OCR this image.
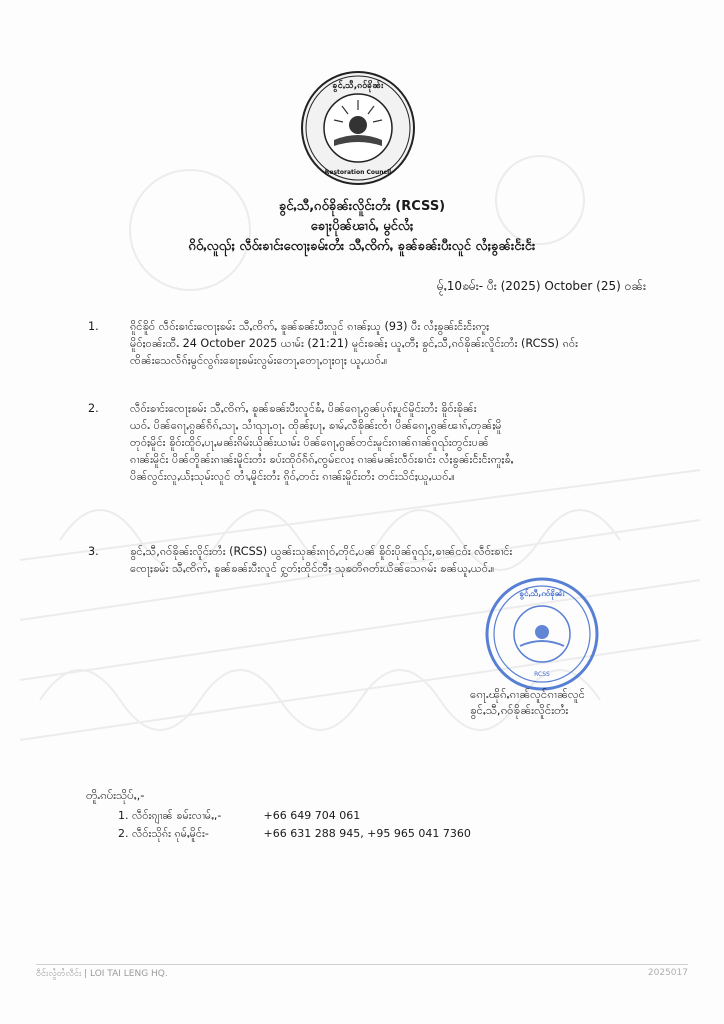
ၶွင်ႇသီ,ၵဝ်ၶိုၼ်း
Restoration Council
ၶွင်ႇသီ,ၵဝ်ၶိုၼ်းလိူင်းတႆး (RCSS)
ၶေႃႈပိုၼ်ၽၢဝ်ႇ မွင်လႆႈ
ၵိဝ်ႇလူၺ်ႈ လဵဝ်းၶၢင်းၸေႃႈၶမ်းတႆး သီႇၸိဢ်ႇ ၶူၼ်ၶၼ်းပီးလူင် လႆႈၶွၼ်းငႅးငႅး
မႂ်ႇ10ၶမ်း- ပီး (2025) October (25) ဝၼ်း
1.	ၵိူင်ၶိူဝ် လဵဝ်းၶၢင်းၸေႃႈၶမ်း သီႇၸိဢ်ႇ ၶူၼ်ၶၼ်းပီးလူင် ၵၢၼ်ႈယူ (93) ပီး လႆႈၶွၼ်းငႅးငႅးဢူႈ
မိူဝ်ႈဝၼ်းထီႉ 24 October 2025 ယၢမ်း (21:21) မူင်းၶၼ်ႈ ယူႇတီႈ ၶွင်ႇသီ,ၵဝ်ၶိုၼ်းလိူင်းတႆး (RCSS) ၵဝ်း
ၸိၼ်းသေလႅၵ်ႈမွင်လွၵ်းၶေႃႈၶမ်းလွမ်းတေႃႇတေႃႇဝႃႈဝႃႈ ယူႇယဝ်ႉ။
2.	လဵဝ်းၶၢင်းၸေႃႈၶမ်း သီႇၸိဢ်ႇ ၶူၼ်ၶၼ်းပီးလူင်ၶႆႇ ပိၼ်ၵေႃႇၵွၼ်ပုၵ်ႈပူင်မိူင်းတႆး ၶိူဝ်းၶိုၼ်း
ယဝ်ႉ ပိၼ်ၵေႃႇၵွၼ်ၵႅၵ်ႇသႃႇ သၢႆၺႃႉဝႃႉ ထိုၼ်ႈပႃႇ ၶၢမ်ႇလီၶိုၼ်းၸၢႆ ပိၼ်ၵေႃႇၵွၼ်ၽၢၵ်ႇတုၼ်ႈမိူ
တုဝ်ႈမိူင်း ၶိူဝ်းထိူဝ်ႇပႃႇမၼ်းၵိမ်းယိုၼ်းယၢမ်း ပိၼ်ၵေႃႇၵွၼ်တင်းမူင်းၵၢၼ်ၵၢၼ်ၵူၺ်းတွင်းပၼ်
ၵၢၼ်းမိူင်း ပိၼ်တိူၼ်းၵၢၼ်းမိူင်းတႆး ၶပ်းထိုဝ်ၵႅၵ်ႇၸွမ်လႄႈ ၵၢၼ်မၼ်းလဵဝ်းၶၢင်း လႆႈၶွၼ်းငႅးငႅးဢူႈၶႆႇ
ပိၼ်လွင်းလူႇယႅႈသုမ်းလူင် တၢႆႇမိူင်းတႆး ၵိူဝ်ႇတင်း ၵၢၼ်းမိူင်းတႆး တင်းသိင်ႈယူႇယဝ်ႉ။
3.	ၶွင်ႇသီ,ၵဝ်ၶိုၼ်းလိူင်းတႆး (RCSS) ယွၼ်းသုၼ်းၵႃဝ်ႇတိုင်ႇပၼ် ၶိူဝ်းပိုၼ်ၵူၺ်း,ၶၢၼ်ငဝ်း လဵဝ်းၶၢင်း
ၸေႃႈၶမ်း သီႇၸိဢ်ႇ ၶူၼ်ၶၼ်းပီးလူင် ႁွတ်ႈထိုင်တီႈ သုၶတိၵတ်းယိၼ်သေၵမ်း ၶၼ်ယူႇယဝ်ႉ။
ၶွင်ႇသီ,ၵဝ်ၶိုၼ်း
RCSS
ၵေႃႉၽိုၵ်ႇၵၢၼ်လူင်ၵၢၼ်လူင်
ၶွင်ႇသီ,ၵဝ်ၶိုၼ်းလိူင်းတႆး
တိူႉၵပ်းသိုပ်ႇ,-
1. လဵဝ်းၵျၢၼ် ၶမ်းလၢမ်ႇ,-	+66 649 704 061
2. လဵဝ်းသိုၵ်း ၵုမ်ႇမိူင်း-	+66 631 288 945, +95 965 041 7360
ဝဵင်းလွႆတႆလဵင်း | LOI TAI LENG HQ.	2025017
